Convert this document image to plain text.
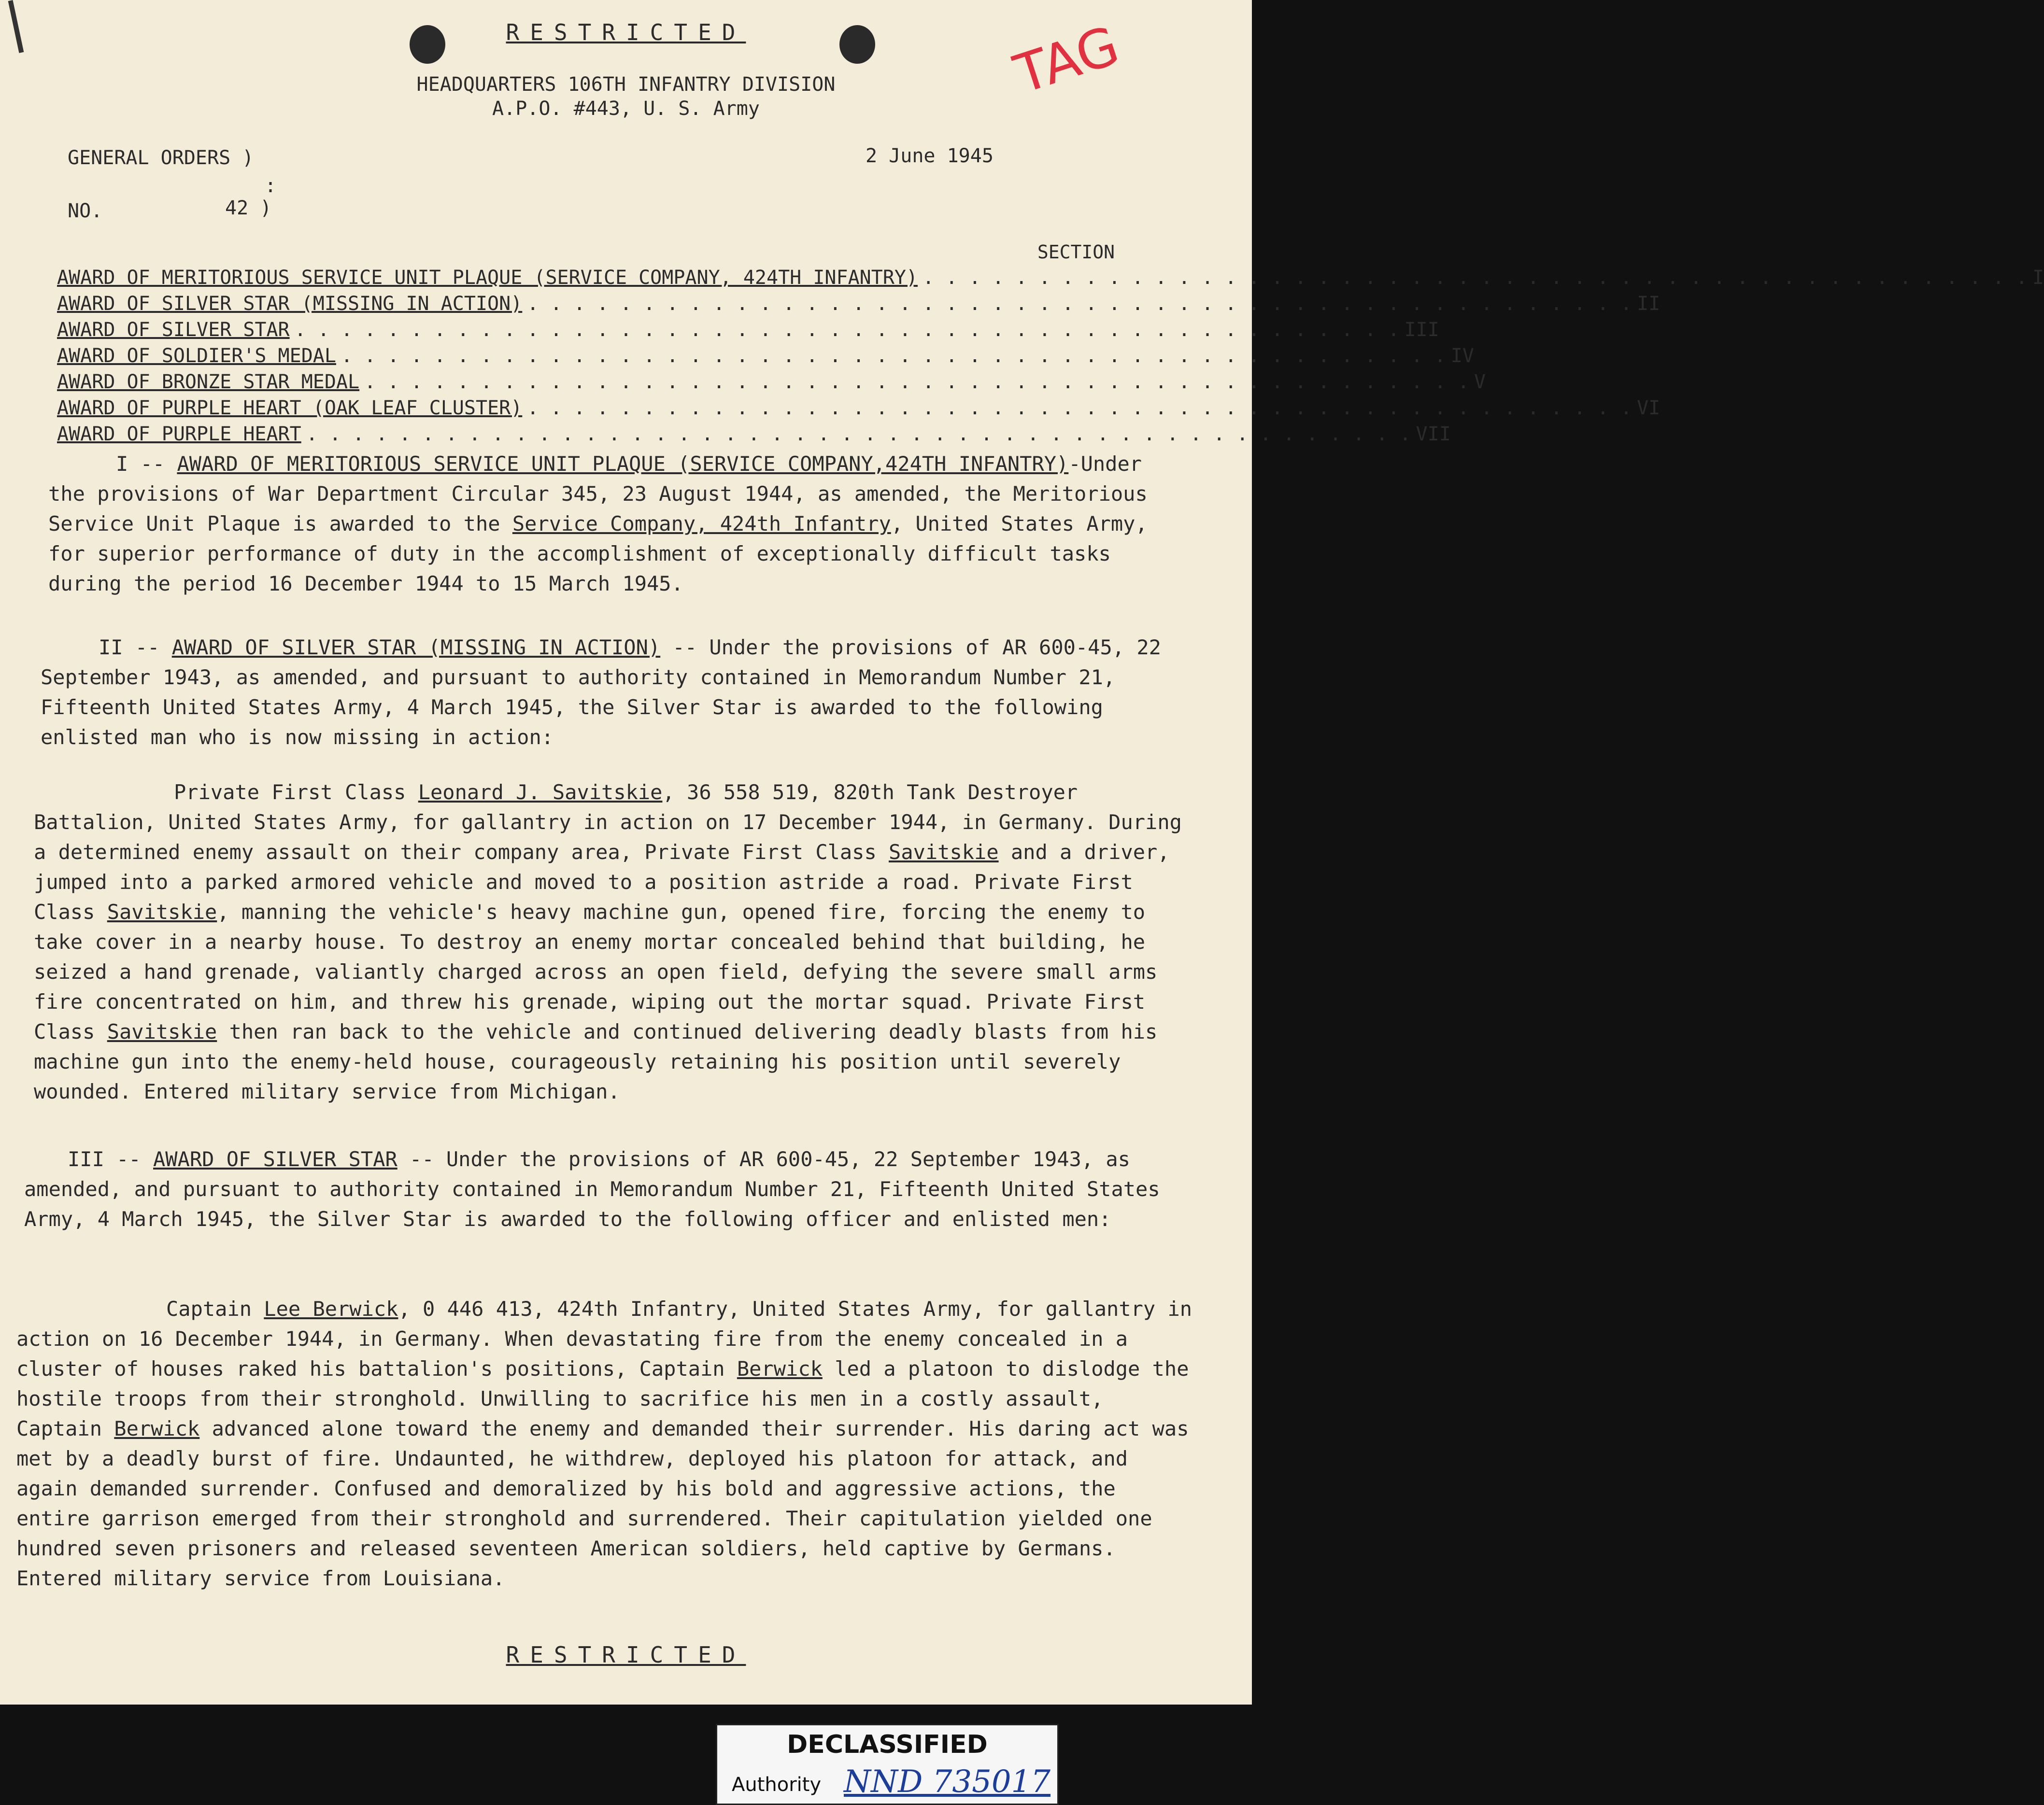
RESTRICTED
HEADQUARTERS 106TH INFANTRY DIVISION
A.P.O. #443, U. S. Army
TAG
GENERAL ORDERS )
:
NO.	42 )
2 June 1945
SECTION
AWARD OF MERITORIOUS SERVICE UNIT PLAQUE (SERVICE COMPANY, 424TH INFANTRY) . . . . . . . . . . . . . . . . . . . . . . . . . . . . . . . . . . . . . . . . . . . . . . . . I
AWARD OF SILVER STAR (MISSING IN ACTION) . . . . . . . . . . . . . . . . . . . . . . . . . . . . . . . . . . . . . . . . . . . . . . . . II
AWARD OF SILVER STAR . . . . . . . . . . . . . . . . . . . . . . . . . . . . . . . . . . . . . . . . . . . . . . . . III
AWARD OF SOLDIER'S MEDAL . . . . . . . . . . . . . . . . . . . . . . . . . . . . . . . . . . . . . . . . . . . . . . . . IV
AWARD OF BRONZE STAR MEDAL . . . . . . . . . . . . . . . . . . . . . . . . . . . . . . . . . . . . . . . . . . . . . . . . V
AWARD OF PURPLE HEART (OAK LEAF CLUSTER) . . . . . . . . . . . . . . . . . . . . . . . . . . . . . . . . . . . . . . . . . . . . . . . . VI
AWARD OF PURPLE HEART . . . . . . . . . . . . . . . . . . . . . . . . . . . . . . . . . . . . . . . . . . . . . . . . VII

I -- AWARD OF MERITORIOUS SERVICE UNIT PLAQUE (SERVICE COMPANY,424TH INFANTRY)-Under the provisions of War Department Circular 345, 23 August 1944, as amended, the Meritorious Service Unit Plaque is awarded to the Service Company, 424th Infantry, United States Army, for superior performance of duty in the accomplishment of exceptionally difficult tasks during the period 16 December 1944 to 15 March 1945.

II -- AWARD OF SILVER STAR (MISSING IN ACTION) -- Under the provisions of AR 600-45, 22 September 1943, as amended, and pursuant to authority contained in Memorandum Number 21, Fifteenth United States Army, 4 March 1945, the Silver Star is awarded to the following enlisted man who is now missing in action:

Private First Class Leonard J. Savitskie, 36 558 519, 820th Tank Destroyer Battalion, United States Army, for gallantry in action on 17 December 1944, in Germany. During a determined enemy assault on their company area, Private First Class Savitskie and a driver, jumped into a parked armored vehicle and moved to a position astride a road. Private First Class Savitskie, manning the vehicle's heavy machine gun, opened fire, forcing the enemy to take cover in a nearby house. To destroy an enemy mortar concealed behind that building, he seized a hand grenade, valiantly charged across an open field, defying the severe small arms fire concentrated on him, and threw his grenade, wiping out the mortar squad. Private First Class Savitskie then ran back to the vehicle and continued delivering deadly blasts from his machine gun into the enemy-held house, courageously retaining his position until severely wounded. Entered military service from Michigan.

III -- AWARD OF SILVER STAR -- Under the provisions of AR 600-45, 22 September 1943, as amended, and pursuant to authority contained in Memorandum Number 21, Fifteenth United States Army, 4 March 1945, the Silver Star is awarded to the following officer and enlisted men:

Captain Lee Berwick, 0 446 413, 424th Infantry, United States Army, for gallantry in action on 16 December 1944, in Germany. When devastating fire from the enemy concealed in a cluster of houses raked his battalion's positions, Captain Berwick led a platoon to dislodge the hostile troops from their stronghold. Unwilling to sacrifice his men in a costly assault, Captain Berwick advanced alone toward the enemy and demanded their surrender. His daring act was met by a deadly burst of fire. Undaunted, he withdrew, deployed his platoon for attack, and again demanded surrender. Confused and demoralized by his bold and aggressive actions, the entire garrison emerged from their stronghold and surrendered. Their capitulation yielded one hundred seven prisoners and released seventeen American soldiers, held captive by Germans. Entered military service from Louisiana.

RESTRICTED
DECLASSIFIED
Authority NND 735017
